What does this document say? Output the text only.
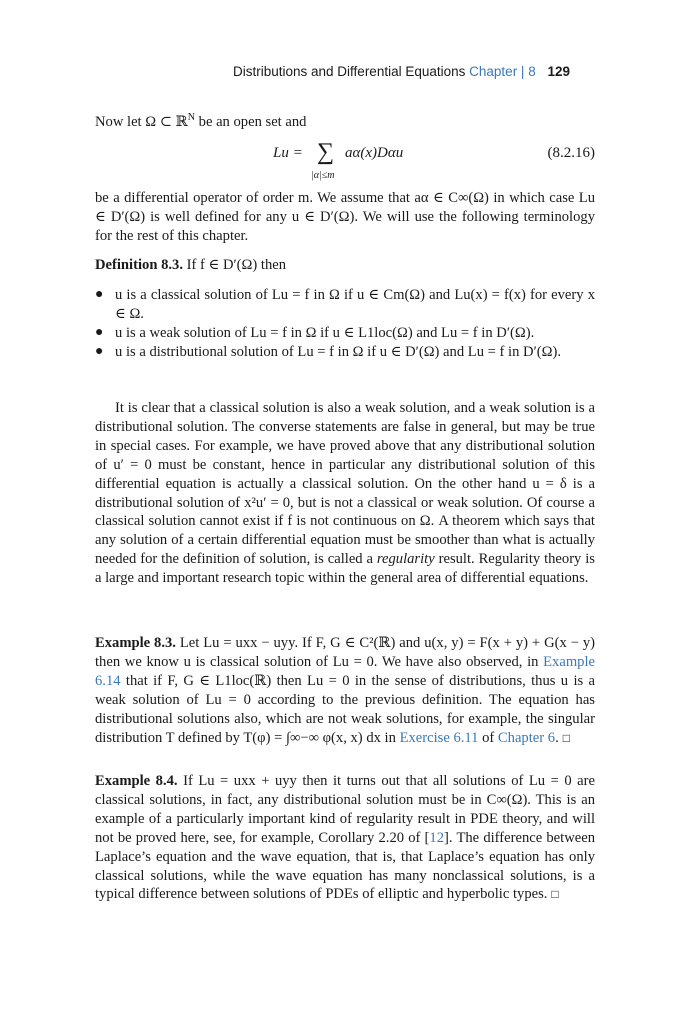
Distributions and Differential Equations Chapter | 8 129

Now let Ω ⊂ ℝ$^N$ be an open set and

Lu = ∑
|α|≤m
aα(x)Dαu	(8.2.16)

be a differential operator of order m. We assume that aα ∈ C∞(Ω) in which case Lu ∈ D′(Ω) is well defined for any u ∈ D′(Ω). We will use the following terminology for the rest of this chapter.

Definition 8.3. If f ∈ D′(Ω) then

● u is a classical solution of Lu = f in Ω if u ∈ Cm(Ω) and Lu(x) = f(x) for every x ∈ Ω.
● u is a weak solution of Lu = f in Ω if u ∈ L1loc(Ω) and Lu = f in D′(Ω).
● u is a distributional solution of Lu = f in Ω if u ∈ D′(Ω) and Lu = f in D′(Ω).

It is clear that a classical solution is also a weak solution, and a weak solution is a distributional solution. The converse statements are false in general, but may be true in special cases. For example, we have proved above that any distributional solution of u′ = 0 must be constant, hence in particular any distributional solution of this differential equation is actually a classical solution. On the other hand u = δ is a distributional solution of x²u′ = 0, but is not a classical or weak solution. Of course a classical solution cannot exist if f is not continuous on Ω. A theorem which says that any solution of a certain differential equation must be smoother than what is actually needed for the definition of solution, is called a regularity result. Regularity theory is a large and important research topic within the general area of differential equations.

Example 8.3. Let Lu = uxx − uyy. If F, G ∈ C²(ℝ) and u(x, y) = F(x + y) + G(x − y) then we know u is classical solution of Lu = 0. We have also observed, in Example 6.14 that if F, G ∈ L1loc(ℝ) then Lu = 0 in the sense of distributions, thus u is a weak solution of Lu = 0 according to the previous definition. The equation has distributional solutions also, which are not weak solutions, for example, the singular distribution T defined by T(φ) = ∫∞−∞ φ(x, x) dx in Exercise 6.11 of Chapter 6. □

Example 8.4. If Lu = uxx + uyy then it turns out that all solutions of Lu = 0 are classical solutions, in fact, any distributional solution must be in C∞(Ω). This is an example of a particularly important kind of regularity result in PDE theory, and will not be proved here, see, for example, Corollary 2.20 of [12]. The difference between Laplace’s equation and the wave equation, that is, that Laplace’s equation has only classical solutions, while the wave equation has many nonclassical solutions, is a typical difference between solutions of PDEs of elliptic and hyperbolic types. □
